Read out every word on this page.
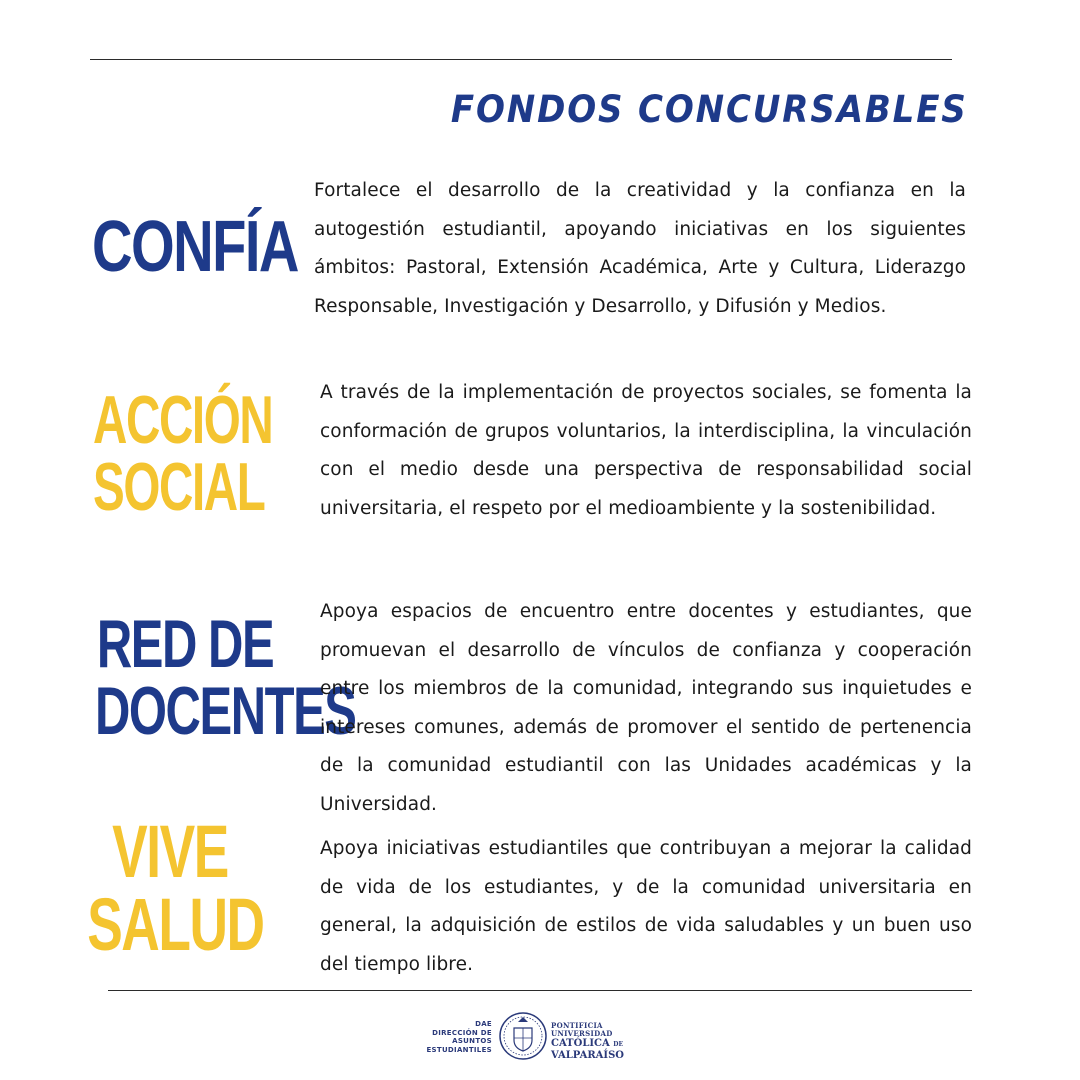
FONDOS CONCURSABLES
CONFÍA

Fortalece el desarrollo de la creatividad y la confianza en la autogestión estudiantil, apoyando iniciativas en los siguientes ámbitos: Pastoral, Extensión Académica, Arte y Cultura, Liderazgo Responsable, Investigación y Desarrollo, y Difusión y Medios.

ACCIÓN
SOCIAL

A través de la implementación de proyectos sociales, se fomenta la conformación de grupos voluntarios, la interdisciplina, la vinculación con el medio desde una perspectiva de responsabilidad social universitaria, el respeto por el medioambiente y la sostenibilidad.

RED DE
DOCENTES

Apoya espacios de encuentro entre docentes y estudiantes, que promuevan el desarrollo de vínculos de confianza y cooperación entre los miembros de la comunidad, integrando sus inquietudes e intereses comunes, además de promover el sentido de pertenencia de la comunidad estudiantil con las Unidades académicas y la Universidad.

VIVE
SALUD

Apoya iniciativas estudiantiles que contribuyan a mejorar la calidad de vida de los estudiantes, y de la comunidad universitaria en general, la adquisición de estilos de vida saludables y un buen uso del tiempo libre.

DAE
DIRECCIÓN DE
ASUNTOS
ESTUDIANTILES
PONTIFICIA
UNIVERSIDAD
CATÓLICA DE
VALPARAÍSO
